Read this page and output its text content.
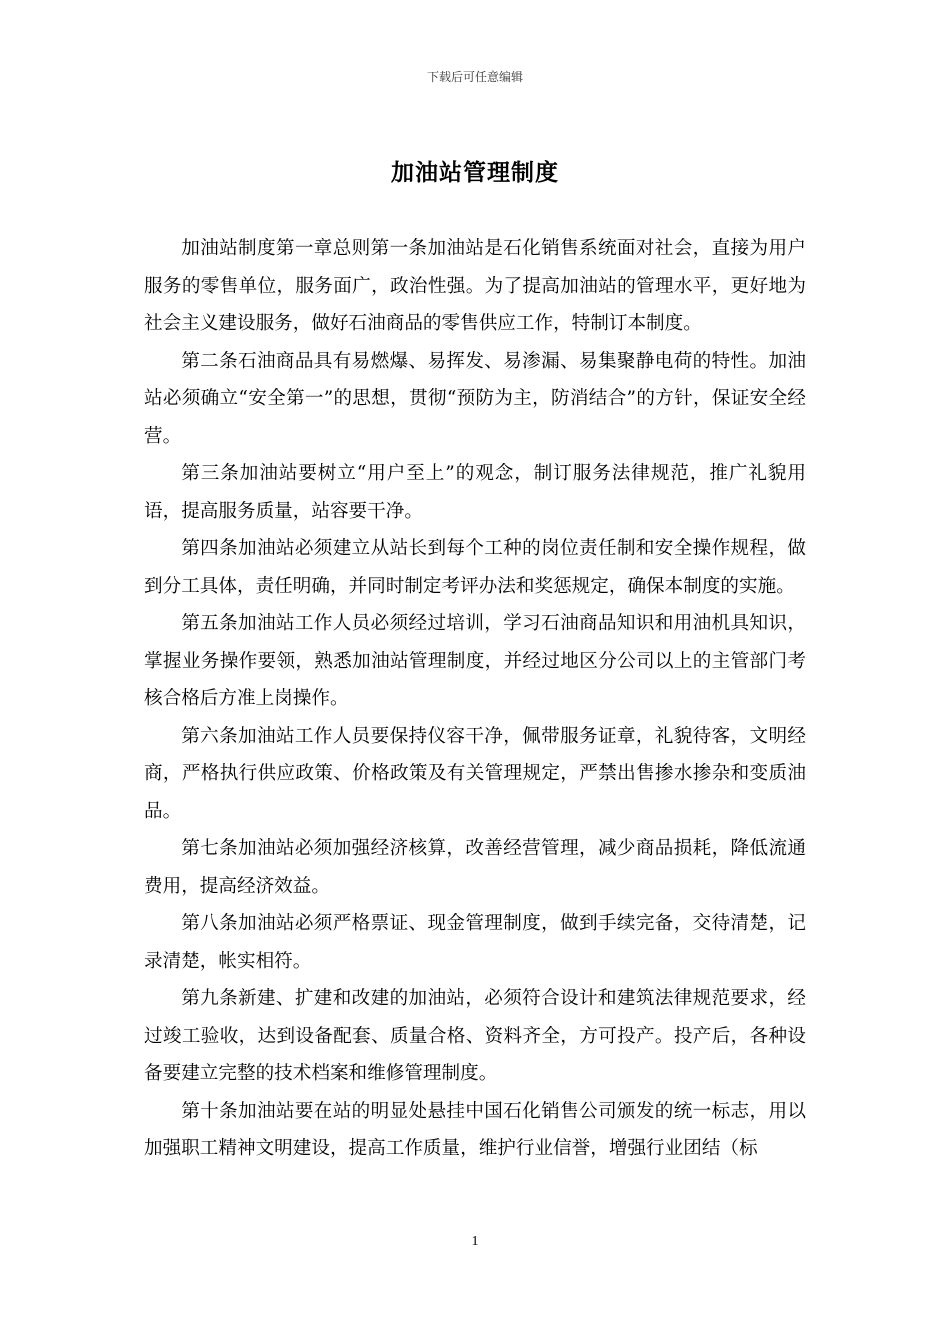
下载后可任意编辑
加油站管理制度

加油站制度第一章总则第一条加油站是石化销售系统面对社会，直接为用户服务的零售单位，服务面广，政治性强。为了提高加油站的管理水平，更好地为社会主义建设服务，做好石油商品的零售供应工作，特制订本制度。

第二条石油商品具有易燃爆、易挥发、易渗漏、易集聚静电荷的特性。加油站必须确立“安全第一”的思想，贯彻“预防为主，防消结合”的方针，保证安全经营。

第三条加油站要树立“用户至上”的观念，制订服务法律规范，推广礼貌用语，提高服务质量，站容要干净。

第四条加油站必须建立从站长到每个工种的岗位责任制和安全操作规程，做到分工具体，责任明确，并同时制定考评办法和奖惩规定，确保本制度的实施。

第五条加油站工作人员必须经过培训，学习石油商品知识和用油机具知识，掌握业务操作要领，熟悉加油站管理制度，并经过地区分公司以上的主管部门考核合格后方准上岗操作。

第六条加油站工作人员要保持仪容干净，佩带服务证章，礼貌待客，文明经商，严格执行供应政策、价格政策及有关管理规定，严禁出售掺水掺杂和变质油品。

第七条加油站必须加强经济核算，改善经营管理，减少商品损耗，降低流通费用，提高经济效益。

第八条加油站必须严格票证、现金管理制度，做到手续完备，交待清楚，记录清楚，帐实相符。

第九条新建、扩建和改建的加油站，必须符合设计和建筑法律规范要求，经过竣工验收，达到设备配套、质量合格、资料齐全，方可投产。投产后，各种设备要建立完整的技术档案和维修管理制度。

第十条加油站要在站的明显处悬挂中国石化销售公司颁发的统一标志，用以加强职工精神文明建设，提高工作质量，维护行业信誉，增强行业团结（标

1
